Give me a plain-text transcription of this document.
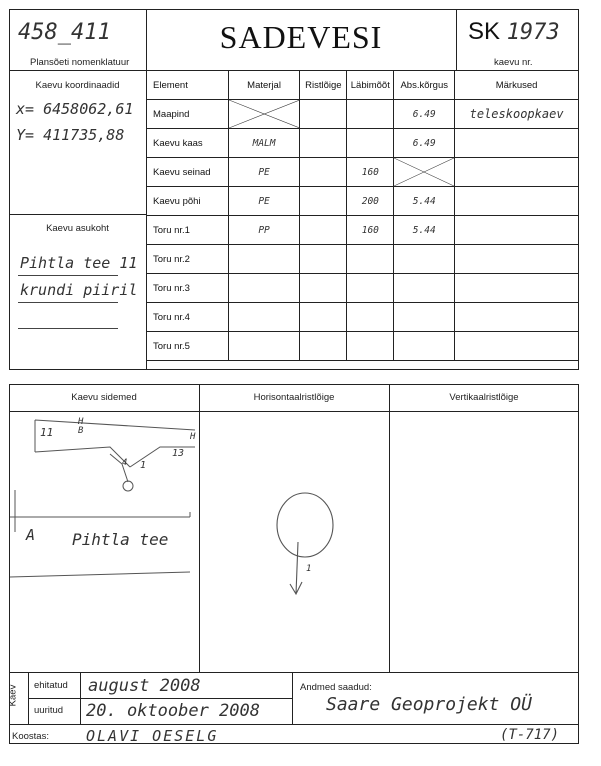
458_411
Plansõeti nomenklatuur
SADEVESI	SK 1973
kaevu nr.
Kaevu koordinaadid
x= 6458062,61
Y= 411735,88
Kaevu asukoht
Pihtla tee 11
krundi piiril
Element	Materjal	Ristlõige	Läbimõõt	Abs.kõrgus	Märkused
Maapind				6.49	teleskoopkaev
Kaevu kaas	MALM			6.49	
Kaevu seinad	PE		160	

Kaevu põhi	PE		200	5.44	
Toru nr.1	PP		160	5.44	
Toru nr.2					
Toru nr.3					
Toru nr.4					
Toru nr.5					
Kaevu sidemed	Horisontaalristlõige	Vertikaalristlõige
11
H B
4 1
13
H
A Pihtla tee
1
Kaev ehitatud august 2008
uuritud 20. oktoober 2008
Andmed saadud:
Saare Geoprojekt OÜ
Koostas: OLAVI OESELG	(T-717)
